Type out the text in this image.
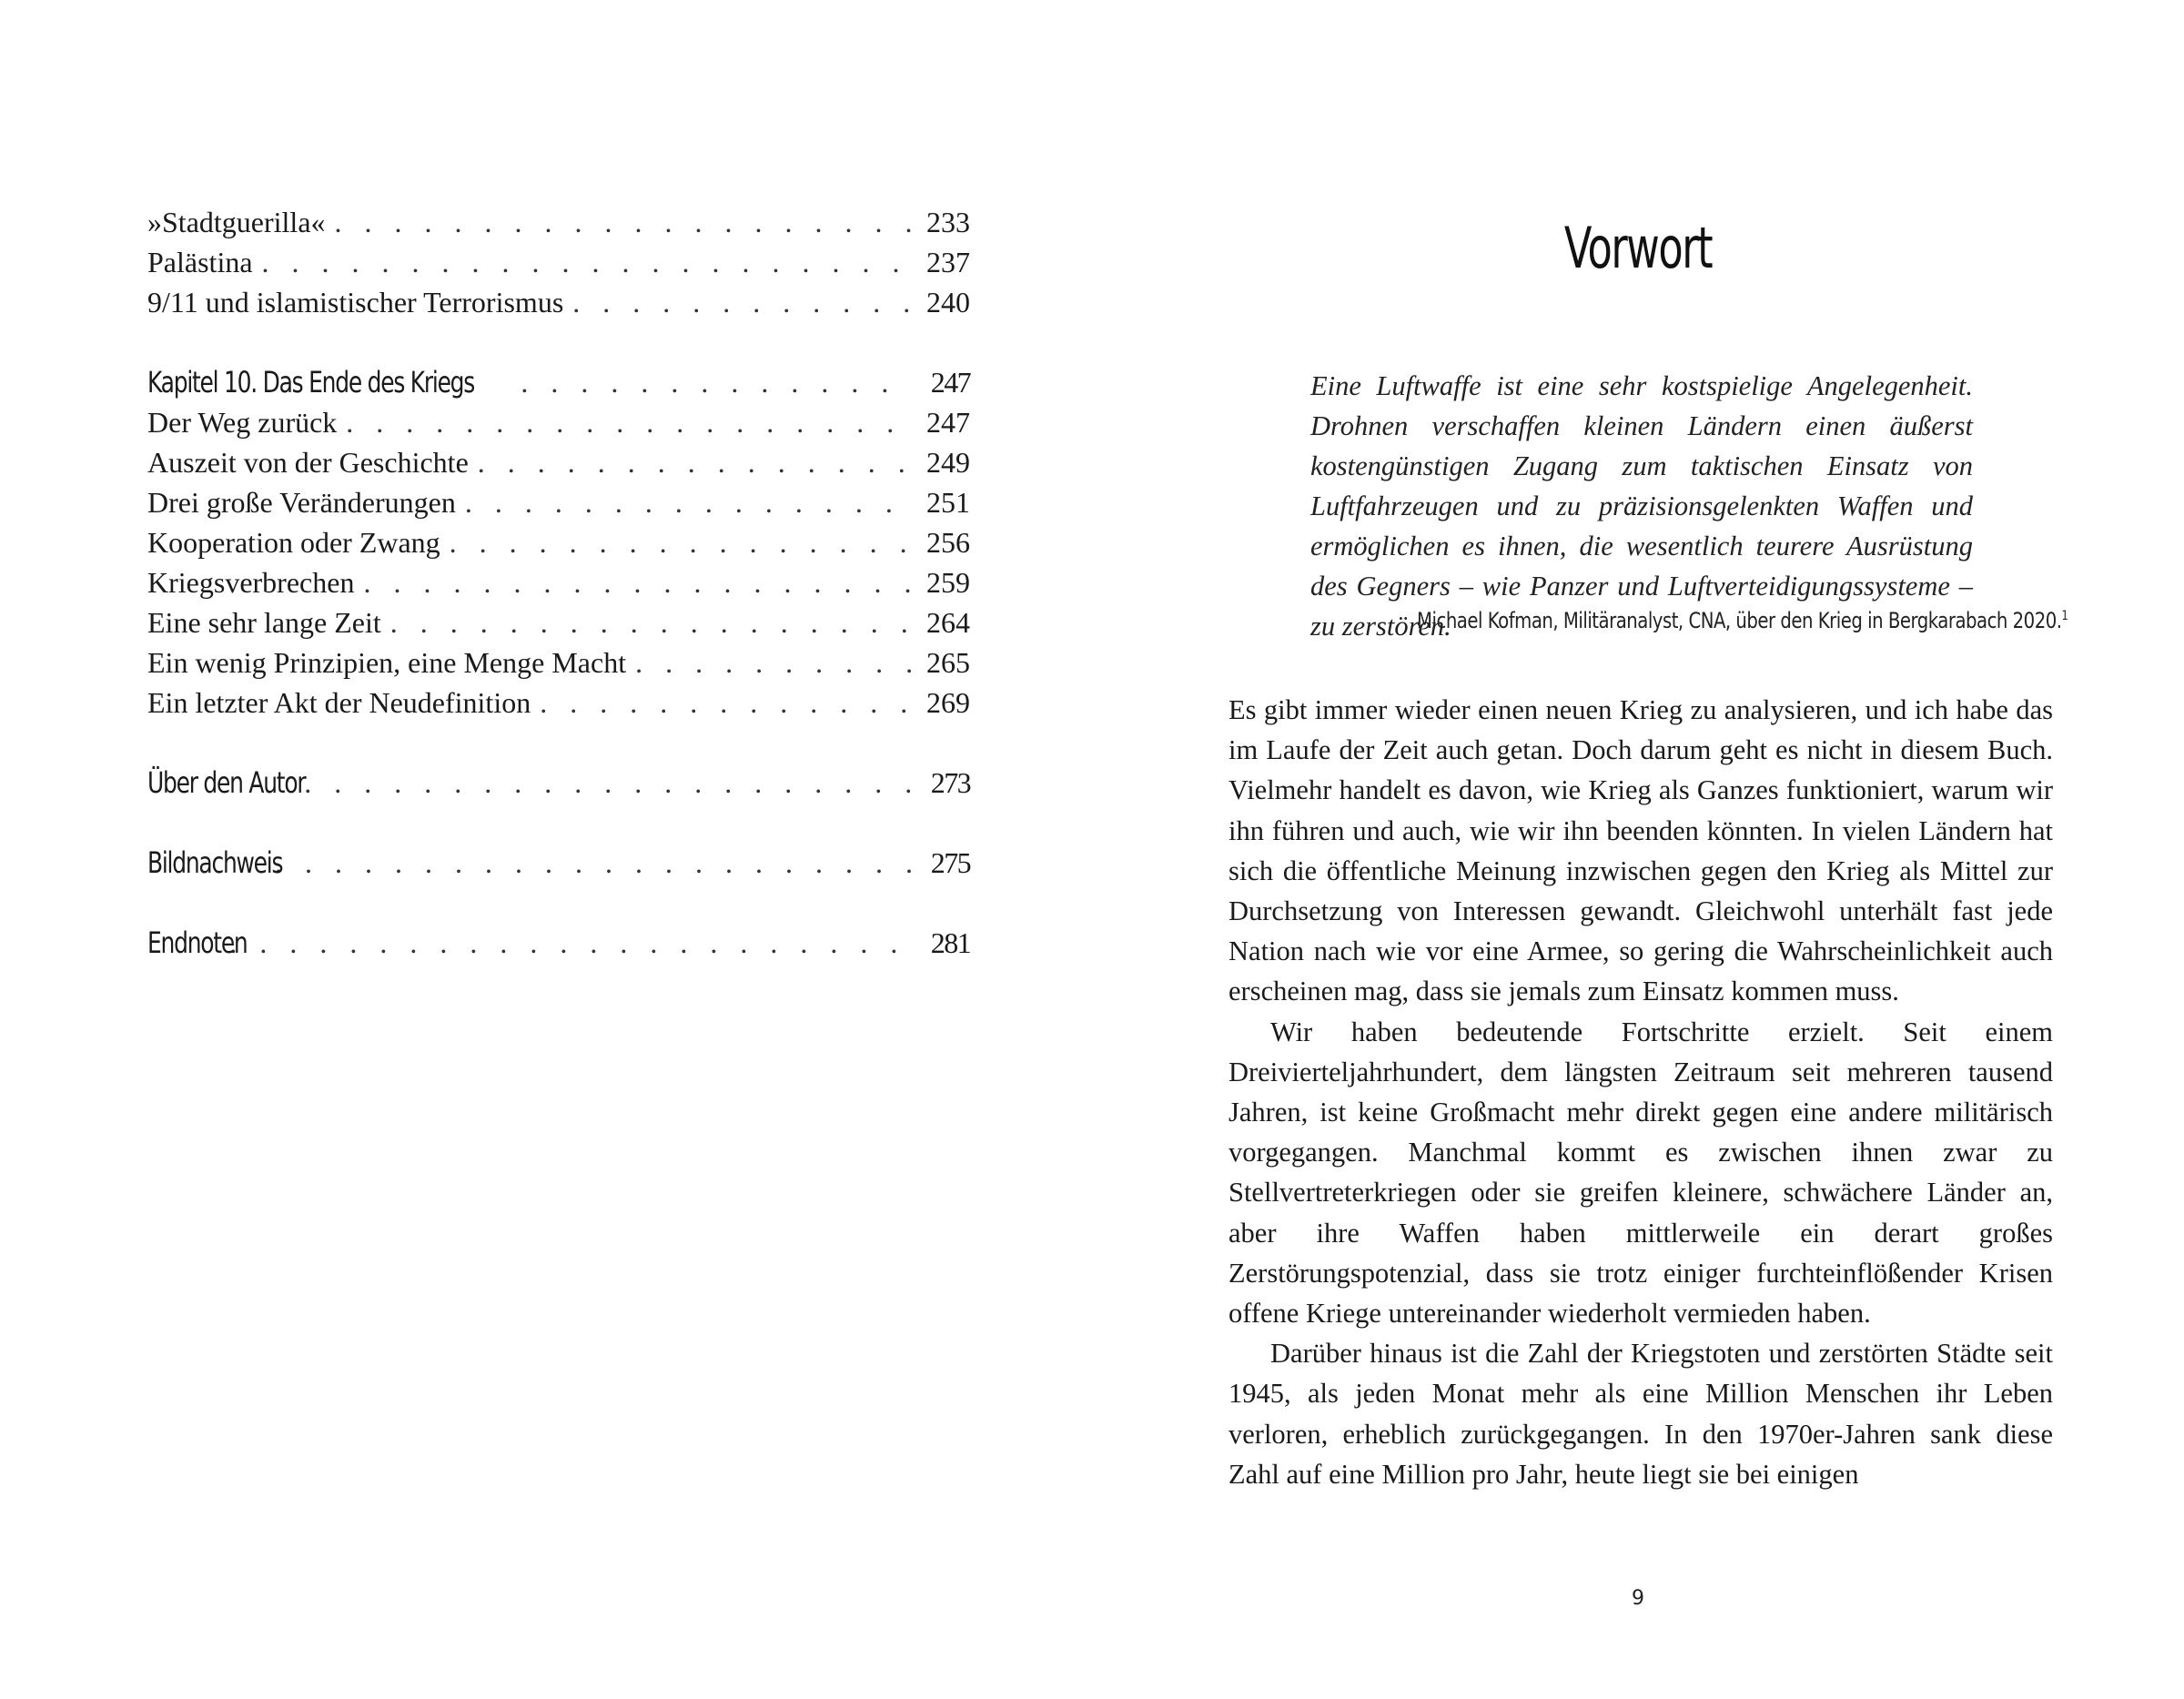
»Stadtguerilla« . . .	233
Palästina . . .	237
9/11 und islamistischer Terrorismus . . .	240
Kapitel 10. Das Ende des Kriegs . . .	247
Der Weg zurück . . .	247
Auszeit von der Geschichte . . .	249
Drei große Veränderungen . . .	251
Kooperation oder Zwang . . .	256
Kriegsverbrechen . . .	259
Eine sehr lange Zeit . . .	264
Ein wenig Prinzipien, eine Menge Macht . . .	265
Ein letzter Akt der Neudefinition . . .	269
Über den Autor . . .	273
Bildnachweis . . .	275
Endnoten . . .	281
Vorwort
Eine Luftwaffe ist eine sehr kostspielige Angelegenheit. Drohnen verschaffen kleinen Ländern einen äußerst kostengünstigen Zugang zum taktischen Einsatz von Luftfahrzeugen und zu präzisionsgelenkten Waffen und ermöglichen es ihnen, die wesentlich teurere Ausrüstung des Gegners – wie Panzer und Luftverteidigungssysteme – zu zerstören.
Michael Kofman, Militäranalyst, CNA, über den Krieg in Bergkarabach 2020.$^1$

Es gibt immer wieder einen neuen Krieg zu analysieren, und ich habe das im Laufe der Zeit auch getan. Doch darum geht es nicht in diesem Buch. Vielmehr handelt es davon, wie Krieg als Ganzes funktioniert, warum wir ihn führen und auch, wie wir ihn beenden könnten. In vielen Ländern hat sich die öffentliche Meinung inzwischen gegen den Krieg als Mittel zur Durchsetzung von Interessen gewandt. Gleichwohl unterhält fast jede Nation nach wie vor eine Armee, so gering die Wahrscheinlichkeit auch erscheinen mag, dass sie jemals zum Einsatz kommen muss.

Wir haben bedeutende Fortschritte erzielt. Seit einem Dreivierteljahrhundert, dem längsten Zeitraum seit mehreren tausend Jahren, ist keine Großmacht mehr direkt gegen eine andere militärisch vorgegangen. Manchmal kommt es zwischen ihnen zwar zu Stellvertreterkriegen oder sie greifen kleinere, schwächere Länder an, aber ihre Waffen haben mittlerweile ein derart großes Zerstörungspotenzial, dass sie trotz einiger furchteinflößender Krisen offene Kriege untereinander wiederholt vermieden haben.

Darüber hinaus ist die Zahl der Kriegstoten und zerstörten Städte seit 1945, als jeden Monat mehr als eine Million Menschen ihr Leben verloren, erheblich zurückgegangen. In den 1970er-Jahren sank diese Zahl auf eine Million pro Jahr, heute liegt sie bei einigen

9
